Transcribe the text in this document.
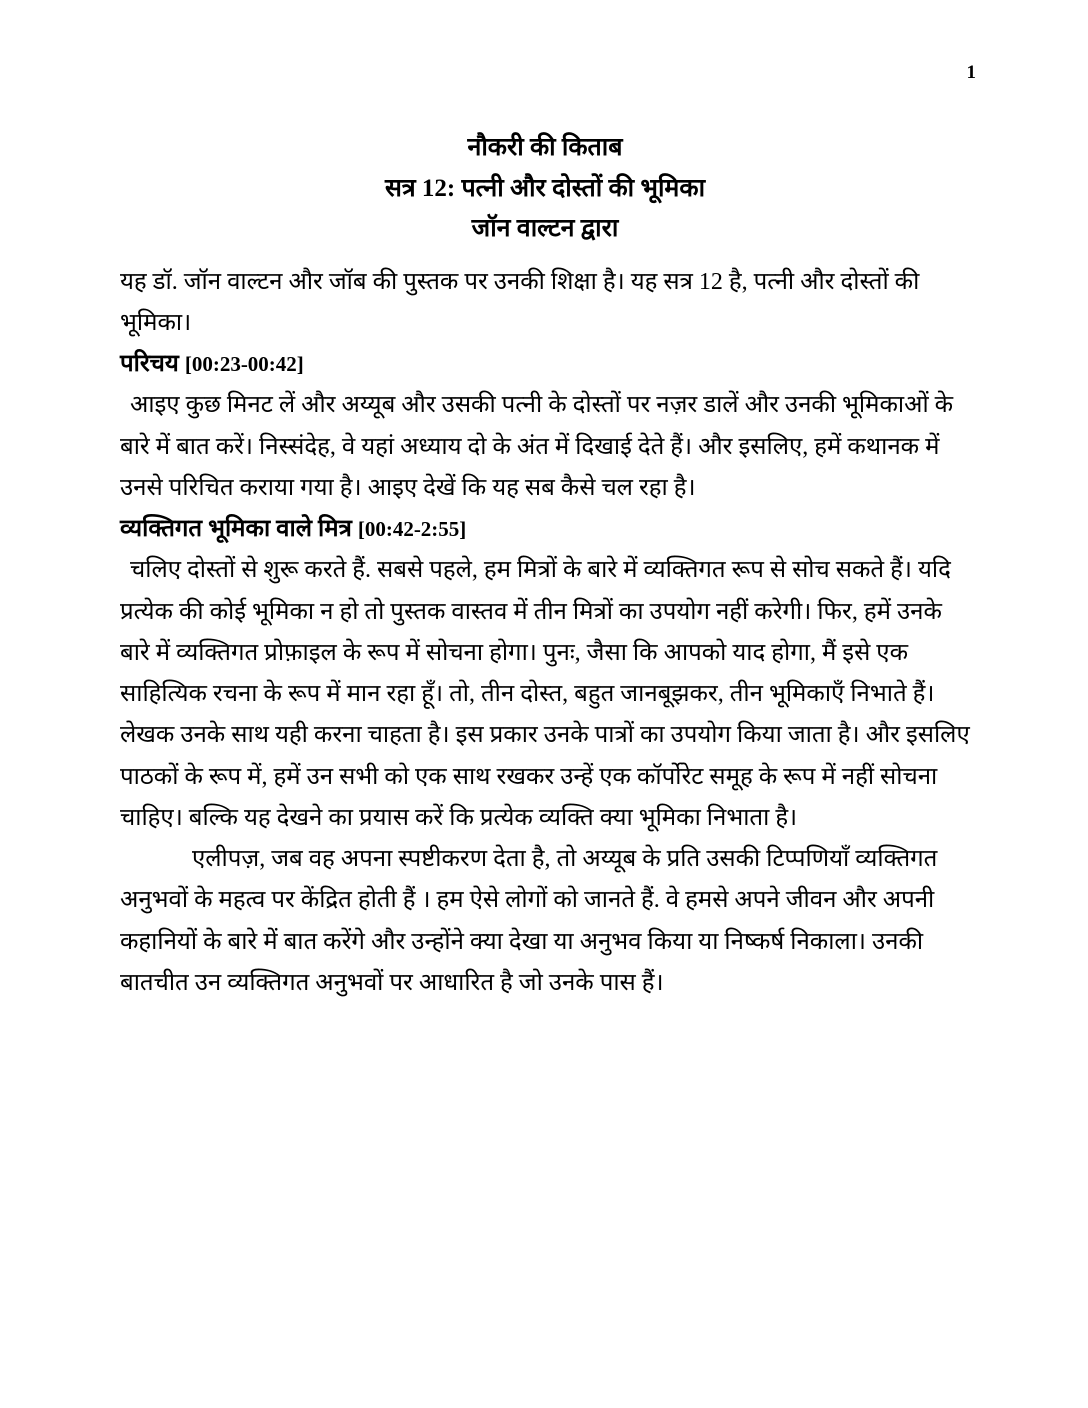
1
नौकरी की किताब
सत्र 12: पत्नी और दोस्तों की भूमिका
जॉन वाल्टन द्वारा

यह डॉ. जॉन वाल्टन और जॉब की पुस्तक पर उनकी शिक्षा है। यह सत्र 12 है, पत्नी और दोस्तों की भूमिका।

परिचय [00:23-00:42]

आइए कुछ मिनट लें और अय्यूब और उसकी पत्नी के दोस्तों पर नज़र डालें और उनकी भूमिकाओं के बारे में बात करें। निस्संदेह, वे यहां अध्याय दो के अंत में दिखाई देते हैं। और इसलिए, हमें कथानक में उनसे परिचित कराया गया है। आइए देखें कि यह सब कैसे चल रहा है।

व्यक्तिगत भूमिका वाले मित्र [00:42-2:55]

चलिए दोस्तों से शुरू करते हैं. सबसे पहले, हम मित्रों के बारे में व्यक्तिगत रूप से सोच सकते हैं। यदि प्रत्येक की कोई भूमिका न हो तो पुस्तक वास्तव में तीन मित्रों का उपयोग नहीं करेगी। फिर, हमें उनके बारे में व्यक्तिगत प्रोफ़ाइल के रूप में सोचना होगा। पुनः, जैसा कि आपको याद होगा, मैं इसे एक साहित्यिक रचना के रूप में मान रहा हूँ। तो, तीन दोस्त, बहुत जानबूझकर, तीन भूमिकाएँ निभाते हैं। लेखक उनके साथ यही करना चाहता है। इस प्रकार उनके पात्रों का उपयोग किया जाता है। और इसलिए पाठकों के रूप में, हमें उन सभी को एक साथ रखकर उन्हें एक कॉर्पोरेट समूह के रूप में नहीं सोचना चाहिए। बल्कि यह देखने का प्रयास करें कि प्रत्येक व्यक्ति क्या भूमिका निभाता है।

एलीपज़, जब वह अपना स्पष्टीकरण देता है, तो अय्यूब के प्रति उसकी टिप्पणियाँ व्यक्तिगत अनुभवों के महत्व पर केंद्रित होती हैं । हम ऐसे लोगों को जानते हैं. वे हमसे अपने जीवन और अपनी कहानियों के बारे में बात करेंगे और उन्होंने क्या देखा या अनुभव किया या निष्कर्ष निकाला। उनकी बातचीत उन व्यक्तिगत अनुभवों पर आधारित है जो उनके पास हैं।
